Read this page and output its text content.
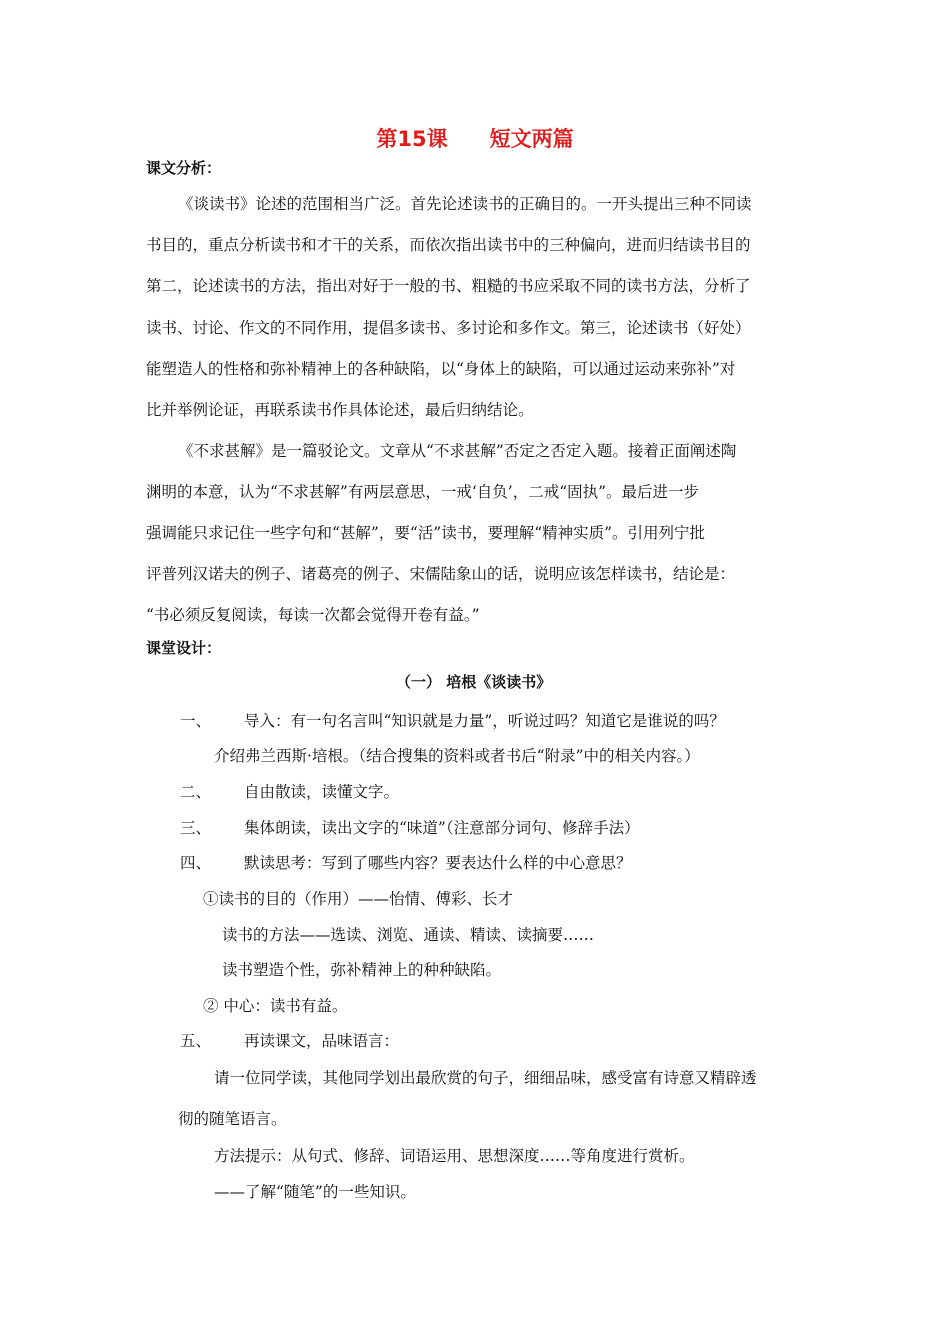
第15课 短文两篇
课文分析：
《谈读书》论述的范围相当广泛。首先论述读书的正确目的。一开头提出三种不同读
书目的，重点分析读书和才干的关系，而依次指出读书中的三种偏向，进而归结读书目的
第二，论述读书的方法，指出对好于一般的书、粗糙的书应采取不同的读书方法，分析了
读书、讨论、作文的不同作用，提倡多读书、多讨论和多作文。第三，论述读书（好处）
能塑造人的性格和弥补精神上的各种缺陷，以“身体上的缺陷，可以通过运动来弥补”对
比并举例论证，再联系读书作具体论述，最后归纳结论。
《不求甚解》是一篇驳论文。文章从“不求甚解”否定之否定入题。接着正面阐述陶
渊明的本意，认为“不求甚解”有两层意思，一戒‘自负’，二戒“固执”。最后进一步
强调能只求记住一些字句和“甚解”，要“活”读书，要理解“精神实质”。引用列宁批
评普列汉诺夫的例子、诸葛亮的例子、宋儒陆象山的话，说明应该怎样读书，结论是：
“书必须反复阅读，每读一次都会觉得开卷有益。”
课堂设计：
（一） 培根《谈读书》
一、 导入：有一句名言叫“知识就是力量”，听说过吗？知道它是谁说的吗？
介绍弗兰西斯·培根。（结合搜集的资料或者书后“附录”中的相关内容。）
二、 自由散读，读懂文字。
三、 集体朗读，读出文字的“味道”（注意部分词句、修辞手法）
四、 默读思考：写到了哪些内容？要表达什么样的中心意思？
①读书的目的（作用）——怡情、傅彩、长才
读书的方法——选读、浏览、通读、精读、读摘要……
读书塑造个性，弥补精神上的种种缺陷。
② 中心：读书有益。
五、 再读课文，品味语言：
请一位同学读，其他同学划出最欣赏的句子，细细品味，感受富有诗意又精辟透
彻的随笔语言。
方法提示：从句式、修辞、词语运用、思想深度……等角度进行赏析。
——了解“随笔”的一些知识。
